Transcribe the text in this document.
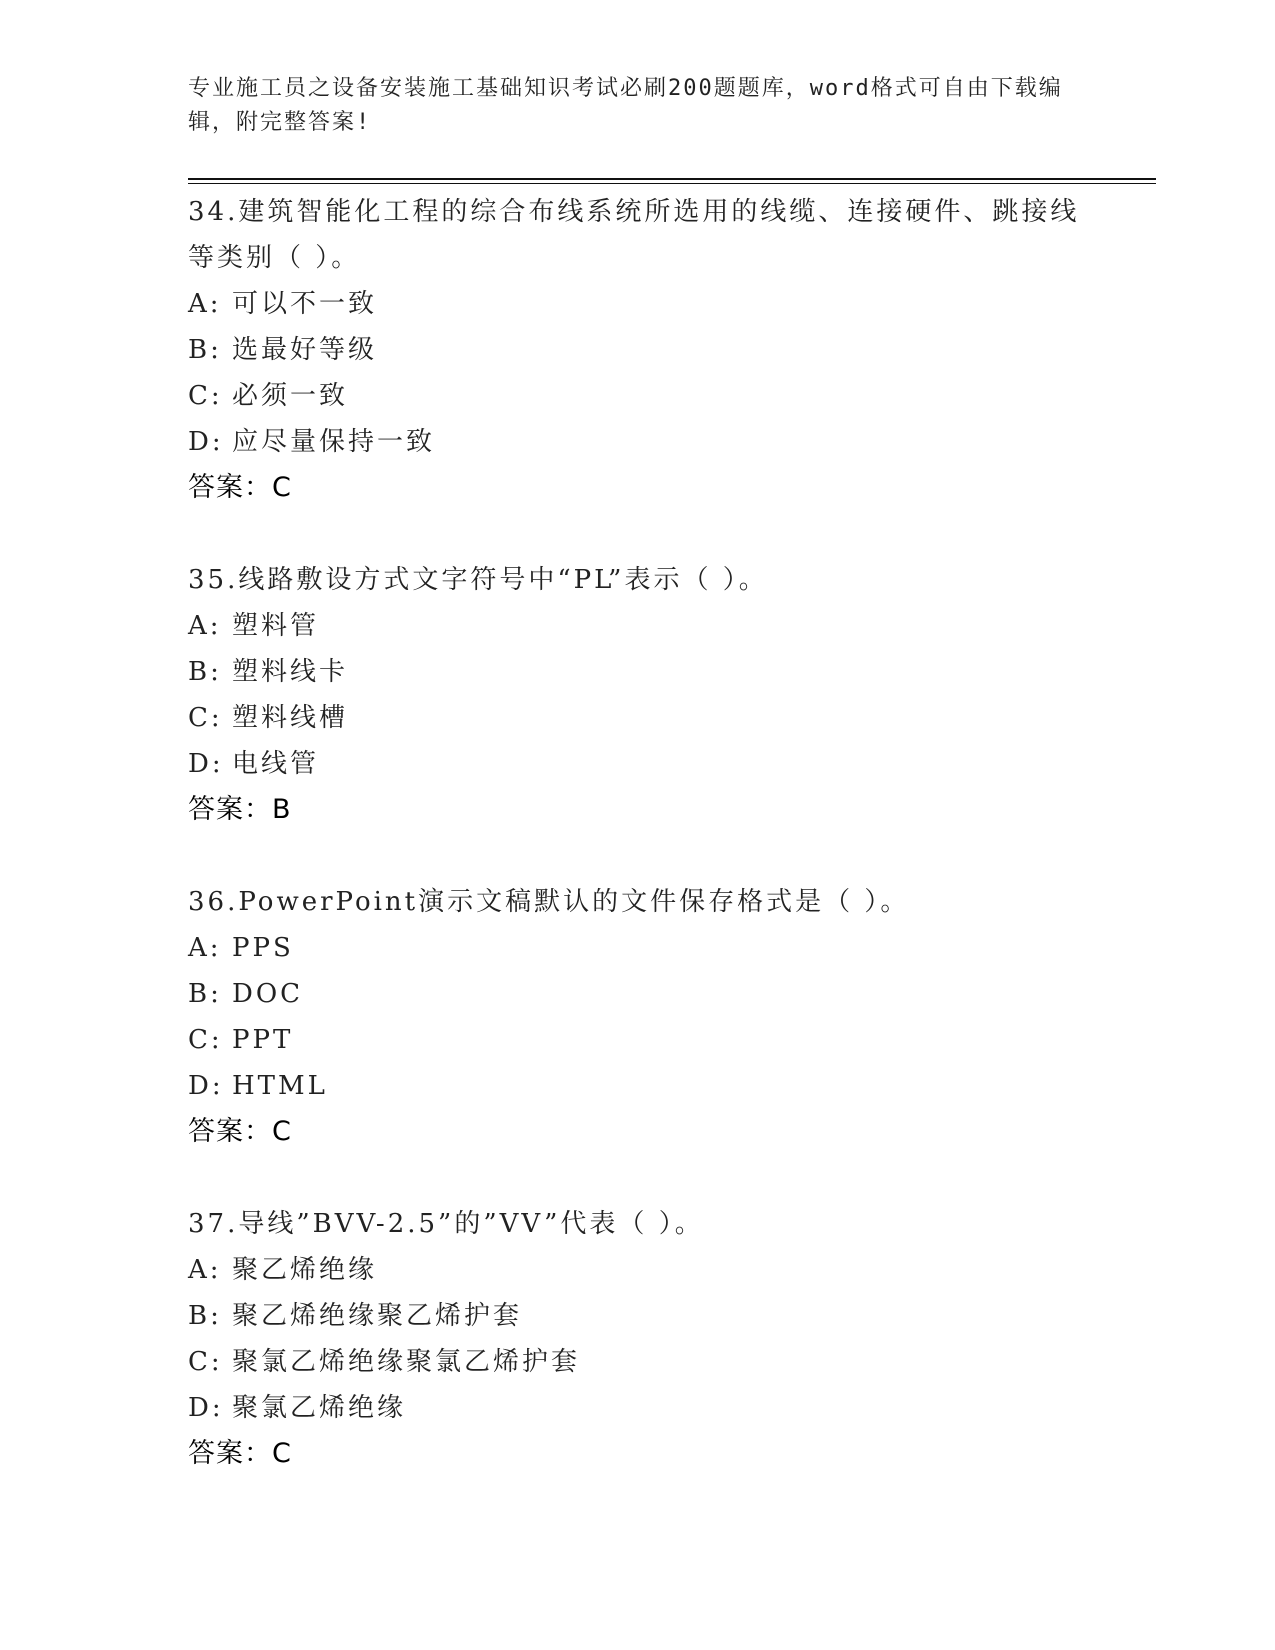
专业施工员之设备安装施工基础知识考试必刷200题题库，word格式可自由下载编辑，附完整答案!
34.建筑智能化工程的综合布线系统所选用的线缆、连接硬件、跳接线等类别（ ）。
A: 可以不一致
B: 选最好等级
C: 必须一致
D: 应尽量保持一致
答案：C
35.线路敷设方式文字符号中“PL”表示（ ）。
A: 塑料管
B: 塑料线卡
C: 塑料线槽
D: 电线管
答案：B
36.PowerPoint演示文稿默认的文件保存格式是（ ）。
A: PPS
B: DOC
C: PPT
D: HTML
答案：C
37.导线”BVV-2.5”的”VV”代表（ ）。
A: 聚乙烯绝缘
B: 聚乙烯绝缘聚乙烯护套
C: 聚氯乙烯绝缘聚氯乙烯护套
D: 聚氯乙烯绝缘
答案：C
